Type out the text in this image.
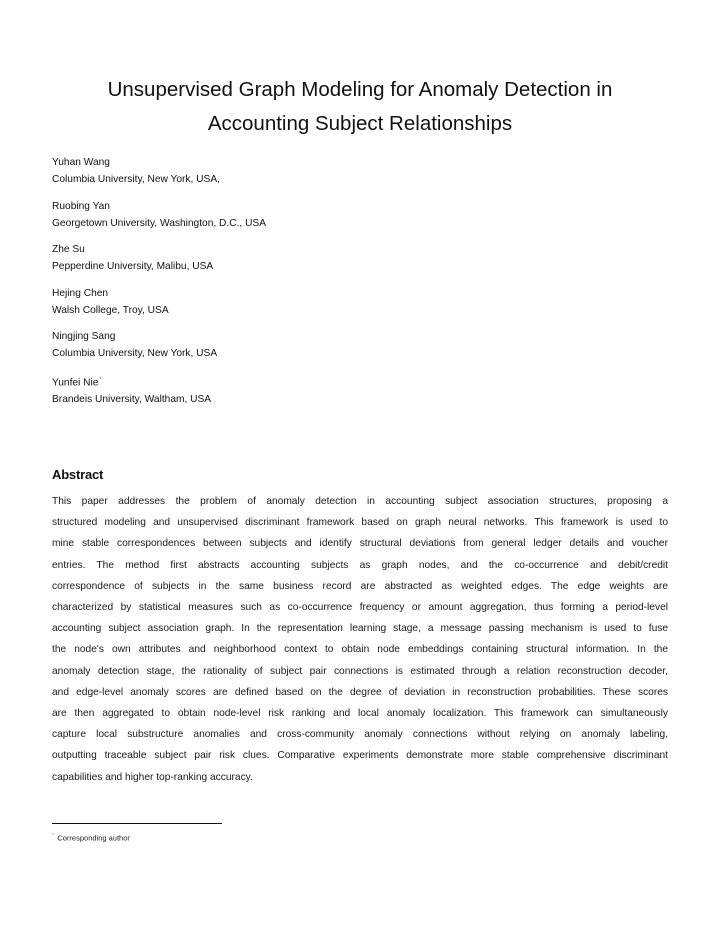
Unsupervised Graph Modeling for Anomaly Detection in
Accounting Subject Relationships
Yuhan Wang
Columbia University, New York, USA,
Ruobing Yan
Georgetown University, Washington, D.C., USA
Zhe Su
Pepperdine University, Malibu, USA
Hejing Chen
Walsh College, Troy, USA
Ningjing Sang
Columbia University, New York, USA
Yunfei Nie*
Brandeis University, Waltham, USA
Abstract
This paper addresses the problem of anomaly detection in accounting subject association structures, proposing a
structured modeling and unsupervised discriminant framework based on graph neural networks. This framework is used to
mine stable correspondences between subjects and identify structural deviations from general ledger details and voucher
entries. The method first abstracts accounting subjects as graph nodes, and the co-occurrence and debit/credit
correspondence of subjects in the same business record are abstracted as weighted edges. The edge weights are
characterized by statistical measures such as co-occurrence frequency or amount aggregation, thus forming a period-level
accounting subject association graph. In the representation learning stage, a message passing mechanism is used to fuse
the node's own attributes and neighborhood context to obtain node embeddings containing structural information. In the
anomaly detection stage, the rationality of subject pair connections is estimated through a relation reconstruction decoder,
and edge-level anomaly scores are defined based on the degree of deviation in reconstruction probabilities. These scores
are then aggregated to obtain node-level risk ranking and local anomaly localization. This framework can simultaneously
capture local substructure anomalies and cross-community anomaly connections without relying on anomaly labeling,
outputting traceable subject pair risk clues. Comparative experiments demonstrate more stable comprehensive discriminant
capabilities and higher top-ranking accuracy.
* Corresponding author
